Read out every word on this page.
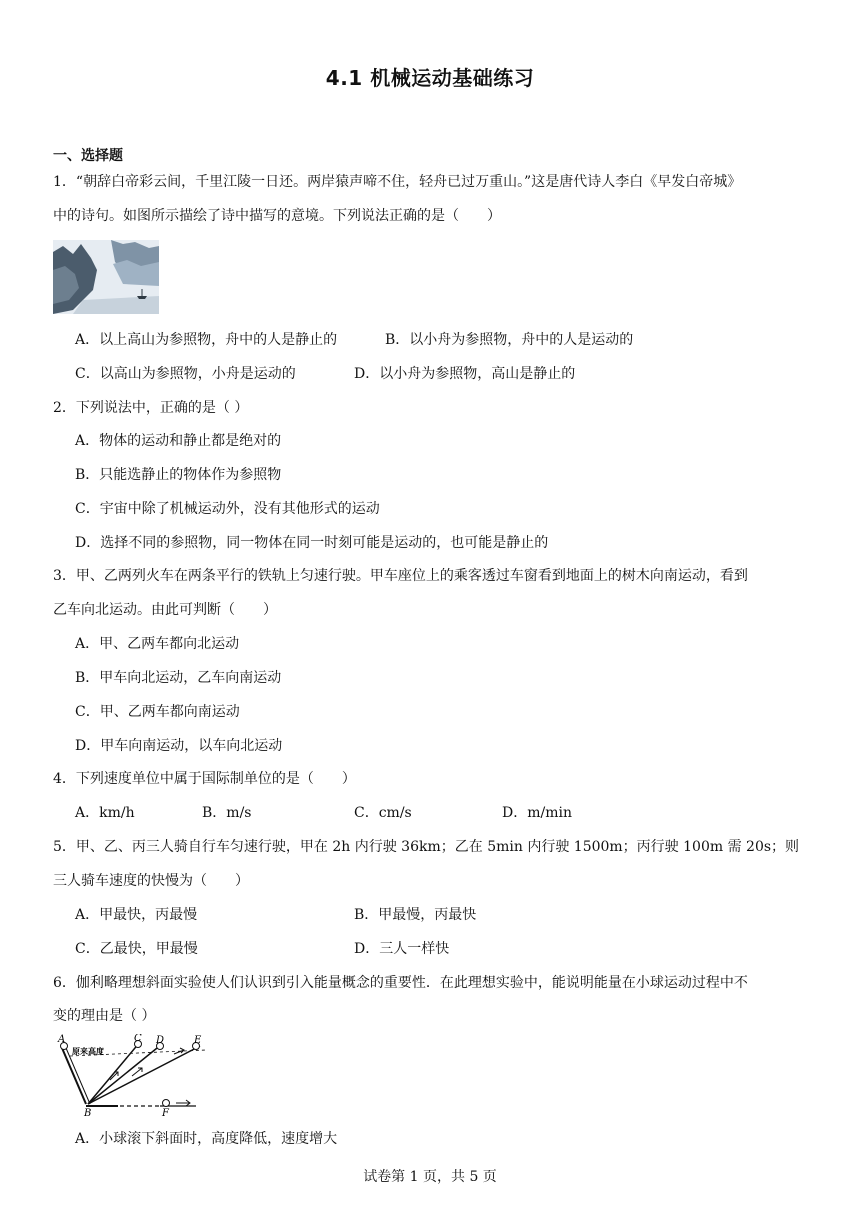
4.1 机械运动基础练习
一、选择题
1．“朝辞白帝彩云间，千里江陵一日还。两岸猿声啼不住，轻舟已过万重山。”这是唐代诗人李白《早发白帝城》
中的诗句。如图所示描绘了诗中描写的意境。下列说法正确的是（　　）
A．以上高山为参照物，舟中的人是静止的	B．以小舟为参照物，舟中的人是运动的
C．以高山为参照物，小舟是运动的	D．以小舟为参照物，高山是静止的
2．下列说法中，正确的是（ ）
A．物体的运动和静止都是绝对的
B．只能选静止的物体作为参照物
C．宇宙中除了机械运动外，没有其他形式的运动
D．选择不同的参照物，同一物体在同一时刻可能是运动的，也可能是静止的
3．甲、乙两列火车在两条平行的铁轨上匀速行驶。甲车座位上的乘客透过车窗看到地面上的树木向南运动，看到
乙车向北运动。由此可判断（　　）
A．甲、乙两车都向北运动
B．甲车向北运动，乙车向南运动
C．甲、乙两车都向南运动
D．甲车向南运动，以车向北运动
4．下列速度单位中属于国际制单位的是（　　）
A．km/h	B．m/s	C．cm/s	D．m/min
5．甲、乙、丙三人骑自行车匀速行驶，甲在 2h 内行驶 36km；乙在 5min 内行驶 1500m；丙行驶 100m 需 20s；则
三人骑车速度的快慢为（　　）
A．甲最快，丙最慢	B．甲最慢，丙最快
C．乙最快，甲最慢	D．三人一样快
6．伽利略理想斜面实验使人们认识到引入能量概念的重要性．在此理想实验中，能说明能量在小球运动过程中不
变的理由是（ ）
A
B
C D	E
F
原来高度
A．小球滚下斜面时，高度降低，速度增大
试卷第 1 页，共 5 页
